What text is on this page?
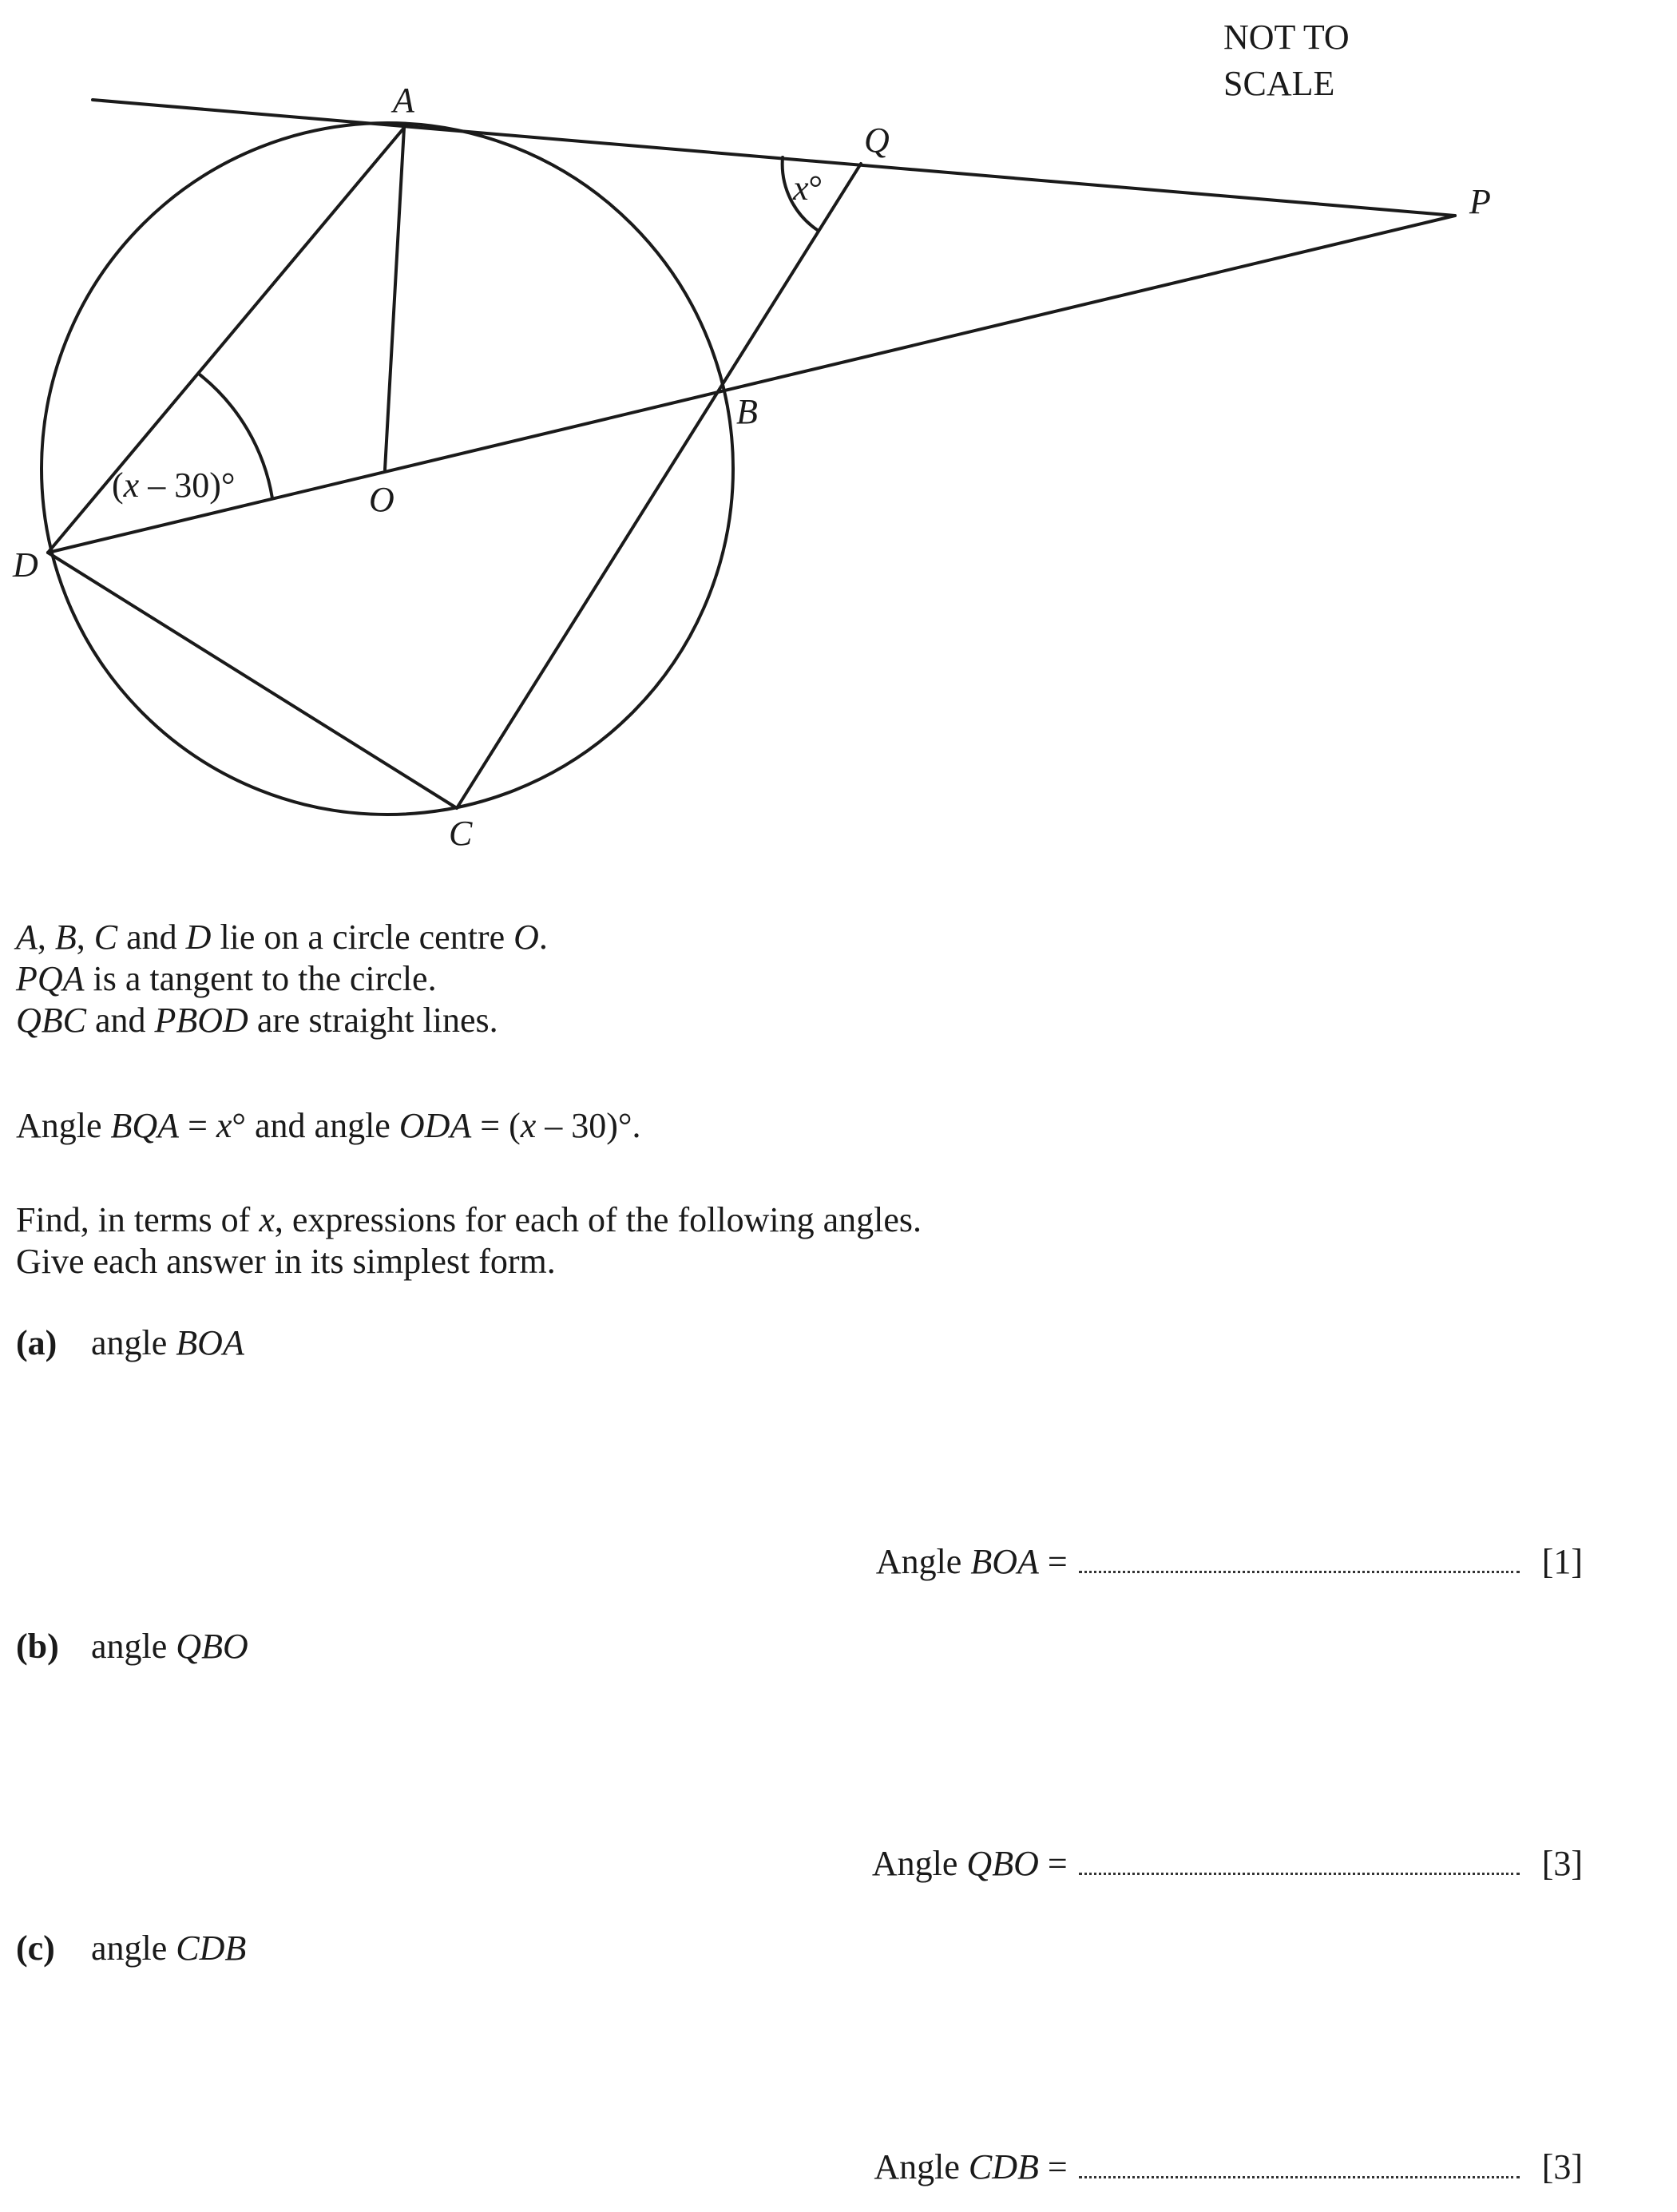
A
Q
P
B
O
D
C
x°
(x – 30)°
NOT TO
SCALE
A, B, C and D lie on a circle centre O.
PQA is a tangent to the circle.
QBC and PBOD are straight lines.
Angle BQA = x° and angle ODA = (x – 30)°.
Find, in terms of x, expressions for each of the following angles.
Give each answer in its simplest form.
(a) angle BOA
Angle BOA =	[1]
(b) angle QBO
Angle QBO =	[3]
(c) angle CDB
Angle CDB =	[3]
